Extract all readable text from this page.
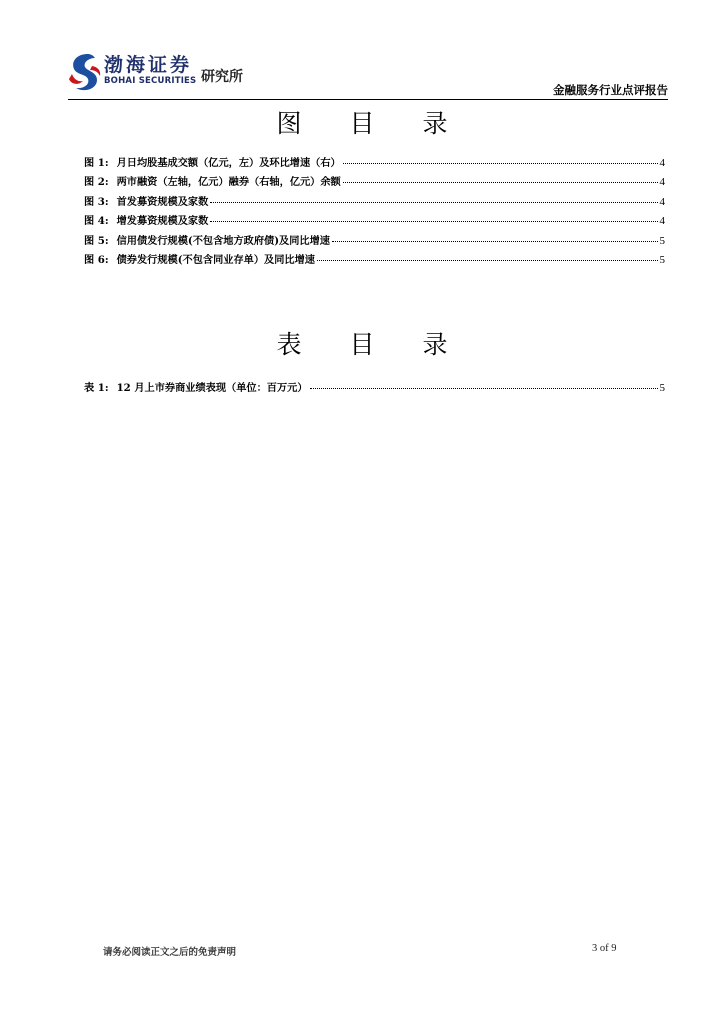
渤海证券
BOHAI SECURITIES 研究所
金融服务行业点评报告
图 目 录
图 1: 月日均股基成交额（亿元，左）及环比增速（右）	4
图 2: 两市融资（左轴，亿元）融券（右轴，亿元）余额	4
图 3: 首发募资规模及家数	4
图 4: 增发募资规模及家数	4
图 5: 信用债发行规模(不包含地方政府债)及同比增速	5
图 6: 债券发行规模(不包含同业存单）及同比增速	5
表 目 录
表 1: 12 月上市券商业绩表现（单位：百万元）	5
请务必阅读正文之后的免责声明	3 of 9
